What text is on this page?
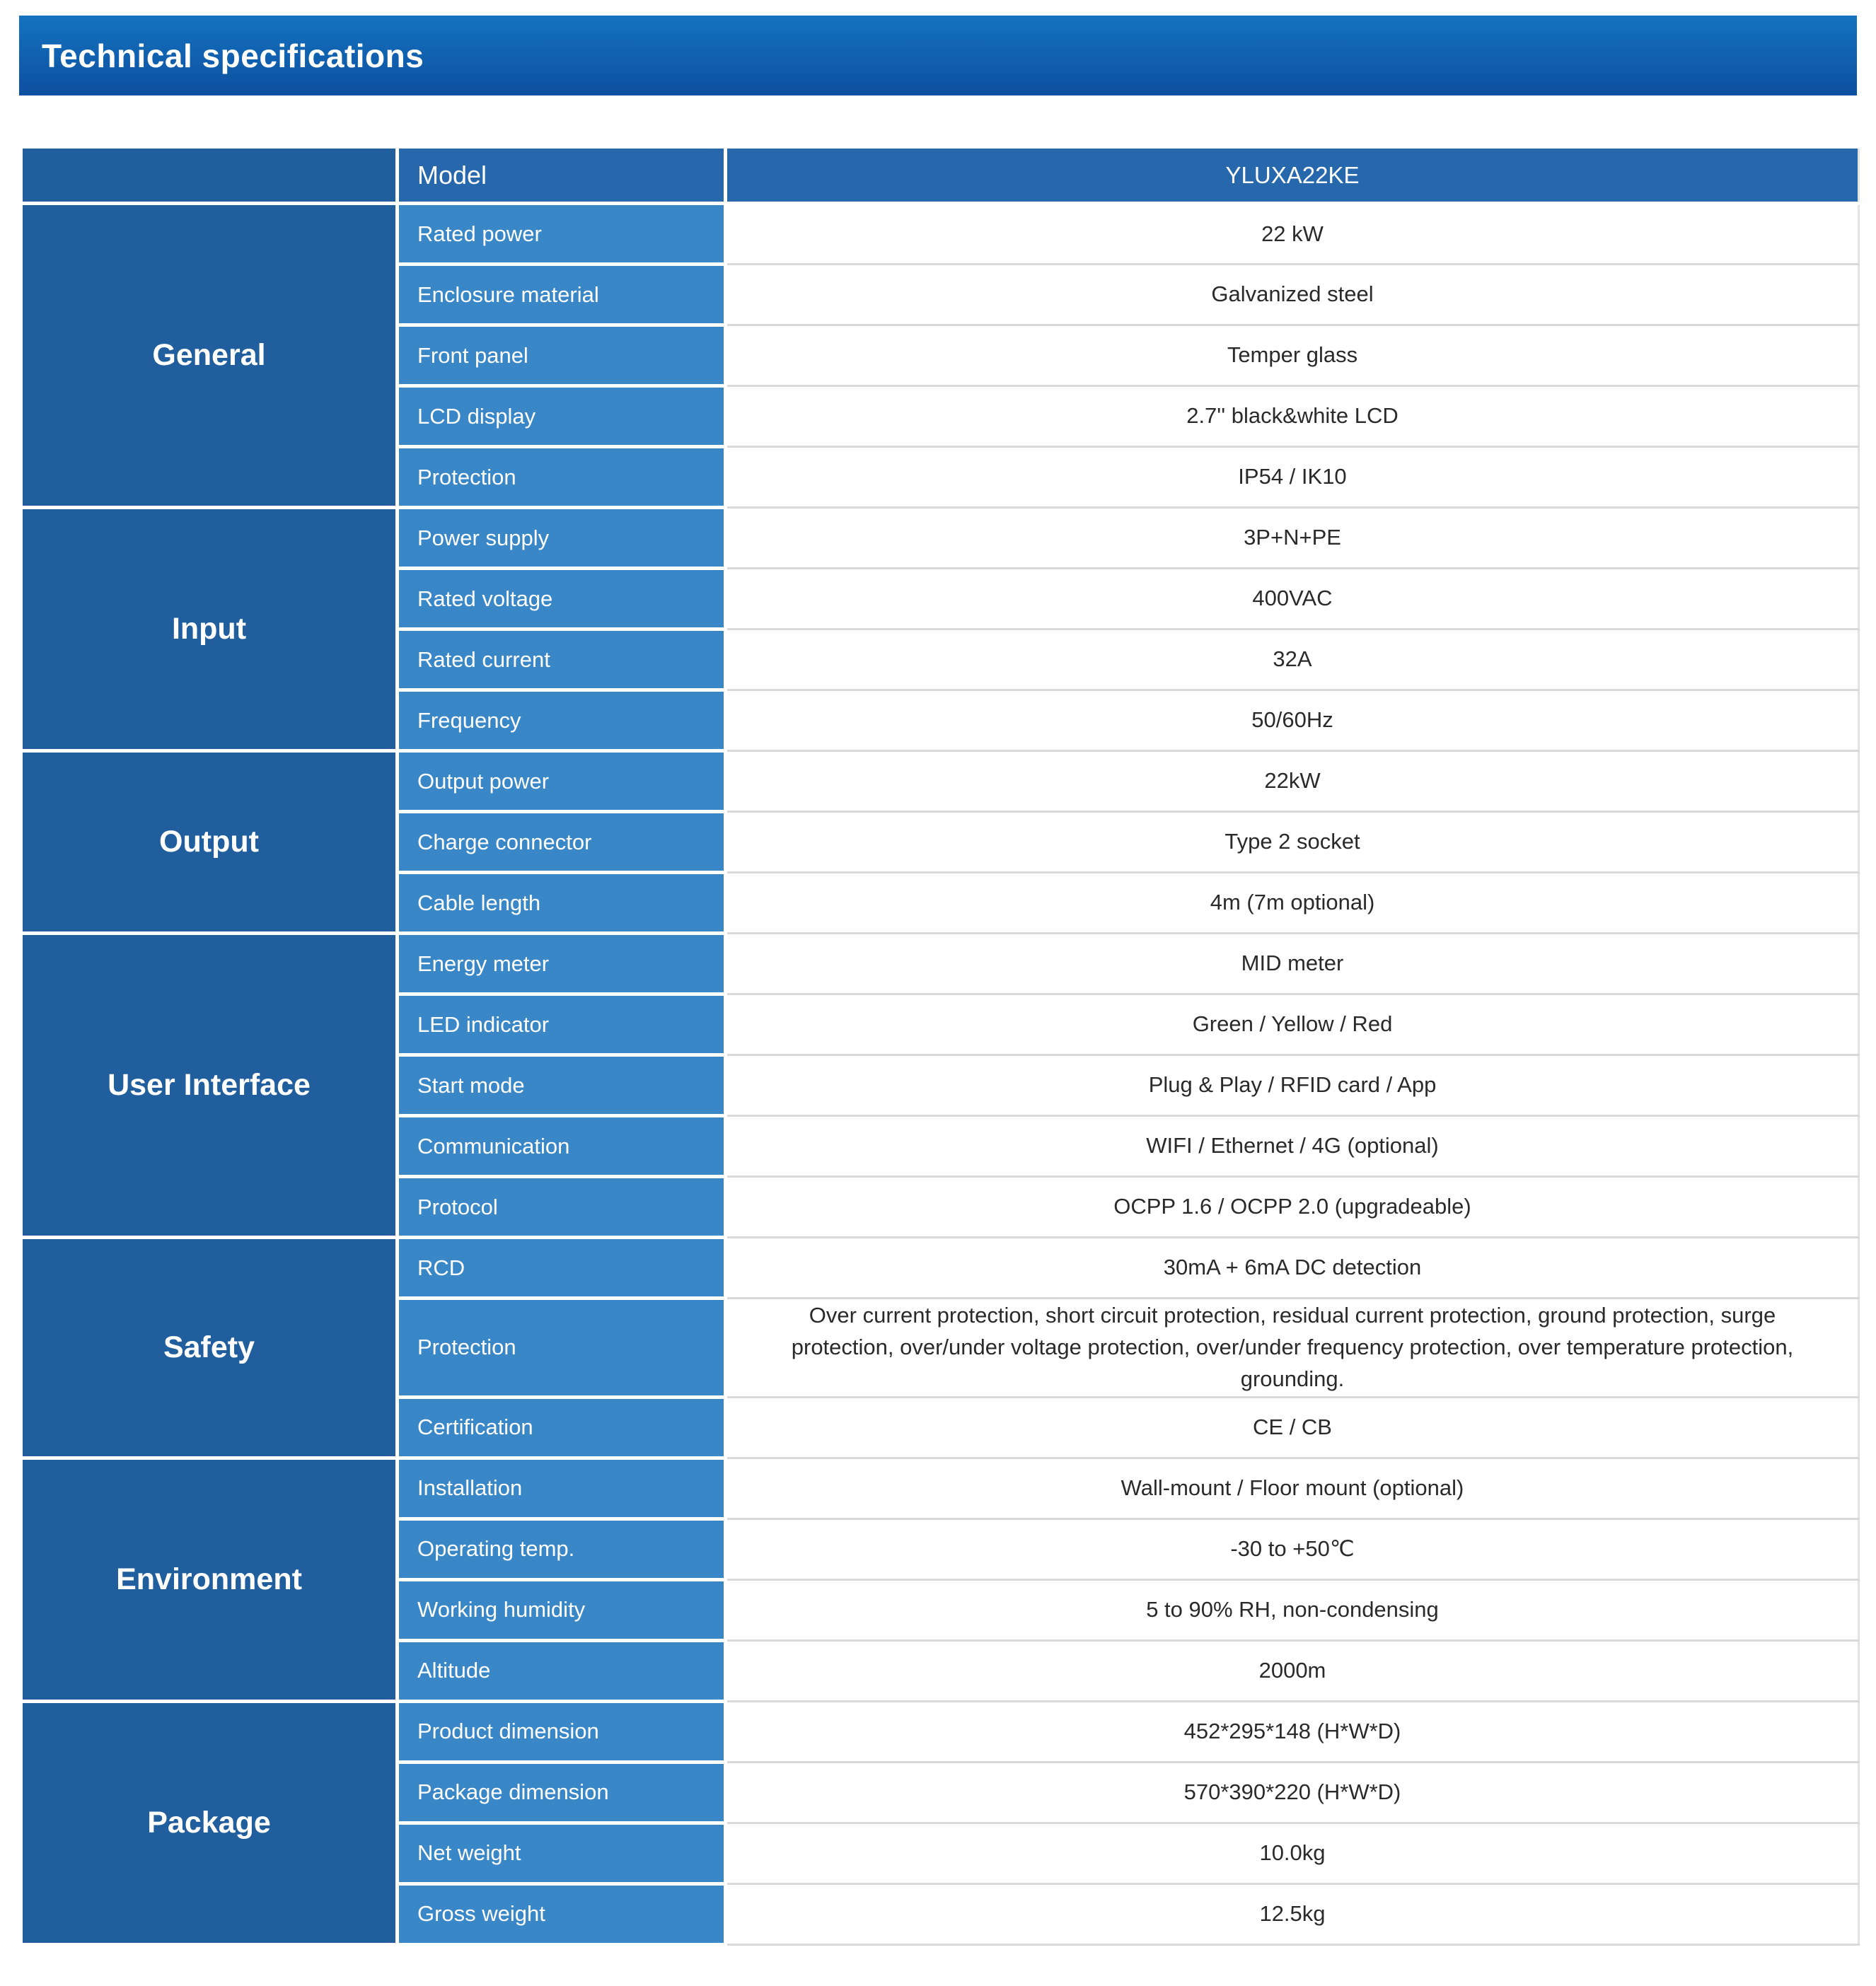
Technical specifications
	Model	YLUXA22KE
General	Rated power	22 kW

	Enclosure material	Galvanized steel

	Front panel	Temper glass

	LCD display	2.7'' black&white LCD

	Protection	IP54 / IK10

Input	Power supply	3P+N+PE

	Rated voltage	400VAC

	Rated current	32A

	Frequency	50/60Hz

Output	Output power	22kW

	Charge connector	Type 2 socket

	Cable length	4m (7m optional)

User Interface	Energy meter	MID meter

	LED indicator	Green / Yellow / Red

	Start mode	Plug & Play / RFID card / App

	Communication	WIFI / Ethernet / 4G (optional)

	Protocol	OCPP 1.6 / OCPP 2.0 (upgradeable)

Safety	RCD	30mA + 6mA DC detection

	Protection	Over current protection, short circuit protection, residual current protection, ground protection, surge protection, over/under voltage protection, over/under frequency protection, over temperature protection, grounding.

	Certification	CE / CB

Environment	Installation	Wall-mount / Floor mount (optional)

	Operating temp.	-30 to +50℃

	Working humidity	5 to 90% RH, non-condensing

	Altitude	2000m

Package	Product dimension	452*295*148 (H*W*D)

	Package dimension	570*390*220 (H*W*D)

	Net weight	10.0kg

	Gross weight	12.5kg
